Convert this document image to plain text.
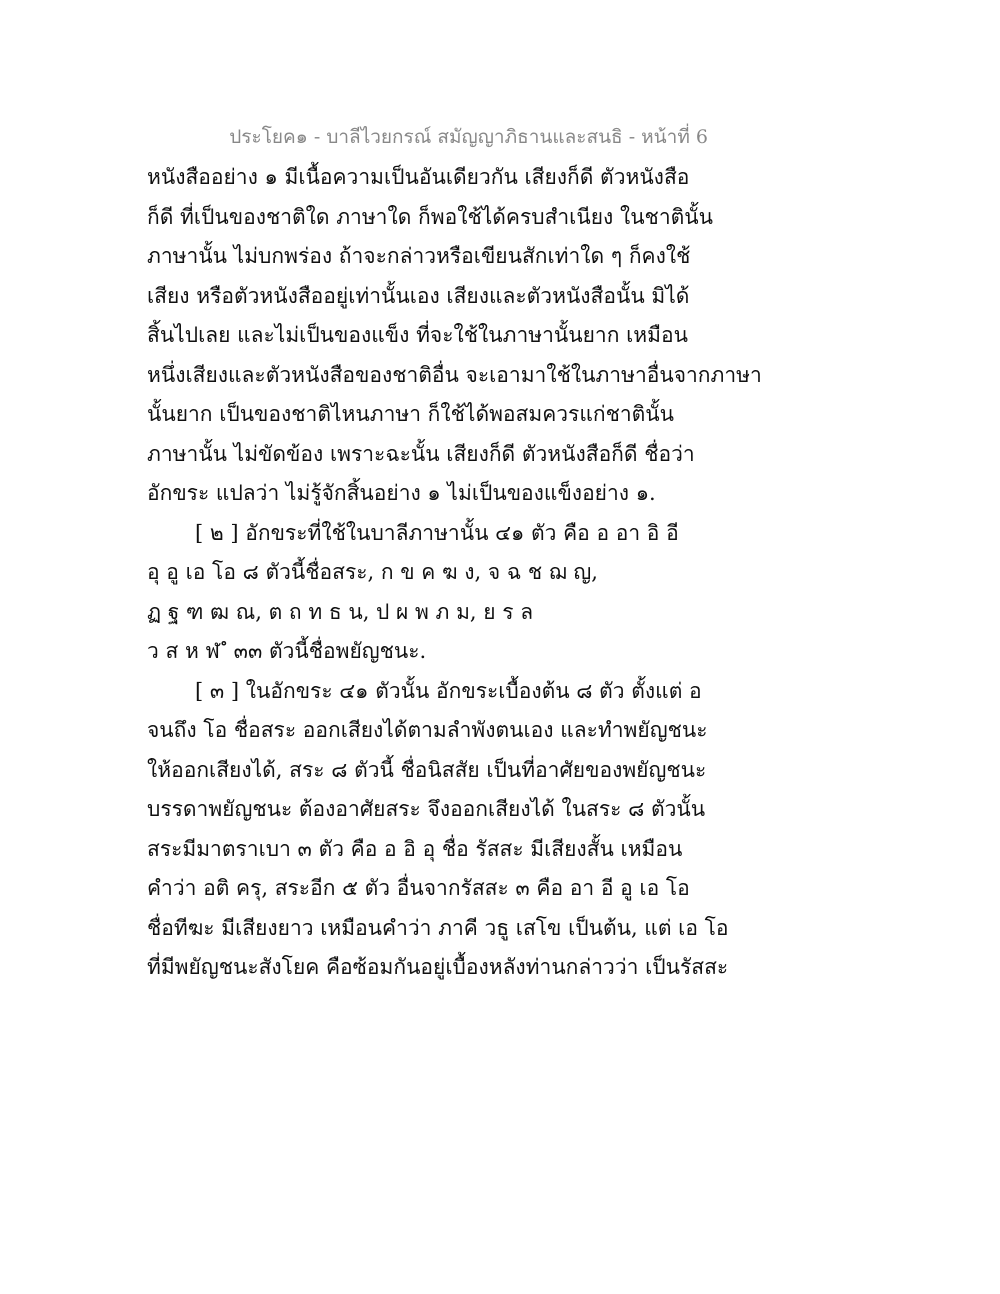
ประโยค๑ - บาลีไวยกรณ์ สมัญญาภิธานและสนธิ - หน้าที่ 6
หนังสืออย่าง ๑ มีเนื้อความเป็นอันเดียวกัน เสียงก็ดี ตัวหนังสือ
ก็ดี ที่เป็นของชาติใด ภาษาใด ก็พอใช้ได้ครบสำเนียง ในชาตินั้น
ภาษานั้น ไม่บกพร่อง ถ้าจะกล่าวหรือเขียนสักเท่าใด ๆ ก็คงใช้
เสียง หรือตัวหนังสืออยู่เท่านั้นเอง เสียงและตัวหนังสือนั้น มิได้
สิ้นไปเลย และไม่เป็นของแข็ง ที่จะใช้ในภาษานั้นยาก เหมือน
หนึ่งเสียงและตัวหนังสือของชาติอื่น จะเอามาใช้ในภาษาอื่นจากภาษา
นั้นยาก เป็นของชาติไหนภาษา ก็ใช้ได้พอสมควรแก่ชาตินั้น
ภาษานั้น ไม่ขัดข้อง เพราะฉะนั้น เสียงก็ดี ตัวหนังสือก็ดี ชื่อว่า
อักขระ แปลว่า ไม่รู้จักสิ้นอย่าง ๑ ไม่เป็นของแข็งอย่าง ๑.
[ ๒ ] อักขระที่ใช้ในบาลีภาษานั้น ๔๑ ตัว คือ อ อา อิ อี
อุ อู เอ โอ ๘ ตัวนี้ชื่อสระ, ก ข ค ฆ ง, จ ฉ ช ฌ ญ,
ฏ ฐ ฑ ฒ ณ, ต ถ ท ธ น, ป ผ พ ภ ม, ย ร ล
ว ส ห ฬ ํ ๓๓ ตัวนี้ชื่อพยัญชนะ.
[ ๓ ] ในอักขระ ๔๑ ตัวนั้น อักขระเบื้องต้น ๘ ตัว ตั้งแต่ อ
จนถึง โอ ชื่อสระ ออกเสียงได้ตามลำพังตนเอง และทำพยัญชนะ
ให้ออกเสียงได้, สระ ๘ ตัวนี้ ชื่อนิสสัย เป็นที่อาศัยของพยัญชนะ
บรรดาพยัญชนะ ต้องอาศัยสระ จึงออกเสียงได้ ในสระ ๘ ตัวนั้น
สระมีมาตราเบา ๓ ตัว คือ อ อิ อุ ชื่อ รัสสะ มีเสียงสั้น เหมือน
คำว่า อติ ครุ, สระอีก ๕ ตัว อื่นจากรัสสะ ๓ คือ อา อี อู เอ โอ
ชื่อทีฆะ มีเสียงยาว เหมือนคำว่า ภาคี วธู เสโข เป็นต้น, แต่ เอ โอ
ที่มีพยัญชนะสังโยค คือซ้อมกันอยู่เบื้องหลังท่านกล่าวว่า เป็นรัสสะ
